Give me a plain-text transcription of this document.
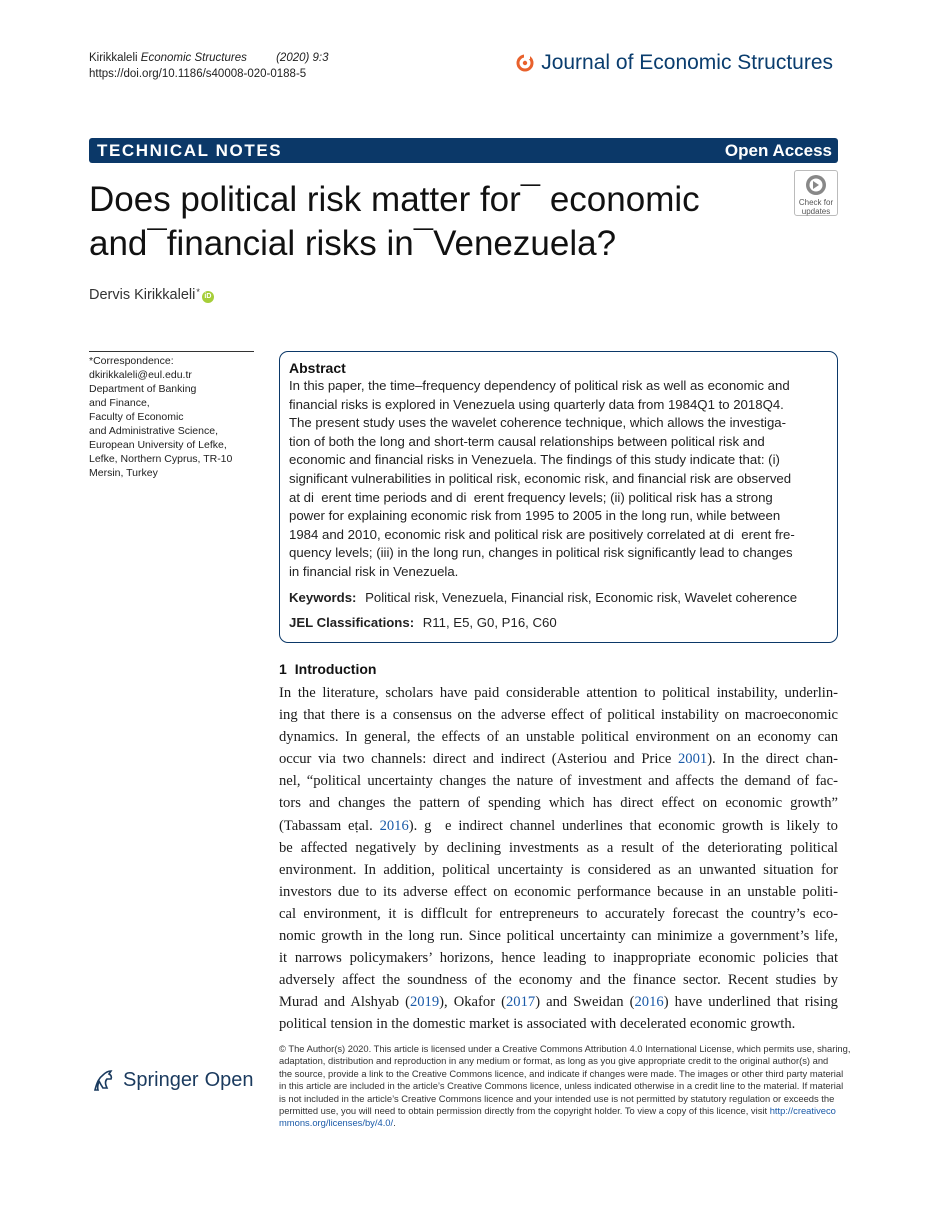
Kirikkaleli Economic Structures	(2020) 9:3
https://doi.org/10.1186/s40008-020-0188-5	Journal of Economic Structures
TECHNICAL NOTES	Open Access
Does political risk matter for¯ economic
and¯ﬁnancial risks in¯Venezuela?
Check for
updates
Dervis Kirikkaleli* iD
*Correspondence:
dkirikkaleli@eul.edu.tr
Department of Banking
and Finance,
Faculty of Economic
and Administrative Science,
European University of Lefke,
Lefke, Northern Cyprus, TR-10
Mersin, Turkey
Abstract
In this paper, the time–frequency dependency of political risk as well as economic and
financial risks is explored in Venezuela using quarterly data from 1984Q1 to 2018Q4.
The present study uses the wavelet coherence technique, which allows the investiga-
tion of both the long and short-term causal relationships between political risk and
economic and financial risks in Venezuela. The findings of this study indicate that: (i)
significant vulnerabilities in political risk, economic risk, and financial risk are observed
at di  erent time periods and di  erent frequency levels; (ii) political risk has a strong
power for explaining economic risk from 1995 to 2005 in the long run, while between
1984 and 2010, economic risk and political risk are positively correlated at di  erent fre-
quency levels; (iii) in the long run, changes in political risk significantly lead to changes
in financial risk in Venezuela.
Keywords: Political risk, Venezuela, Financial risk, Economic risk, Wavelet coherence
JEL Classiﬁcations: R11, E5, G0, P16, C60
1 Introduction
In the literature, scholars have paid considerable attention to political instability, underlin-
ing that there is a consensus on the adverse effect of political instability on macroeconomic
dynamics. In general, the effects of an unstable political environment on an economy can
occur via two channels: direct and indirect (Asteriou and Price 2001). In the direct chan-
nel, “political uncertainty changes the nature of investment and affects the demand of fac-
tors and changes the pattern of spending which has direct effect on economic growth”
(Tabassam eṭal. 2016). g  e indirect channel underlines that economic growth is likely to
be affected negatively by declining investments as a result of the deteriorating political
environment. In addition, political uncertainty is considered as an unwanted situation for
investors due to its adverse effect on economic performance because in an unstable politi-
cal environment, it is difflcult for entrepreneurs to accurately forecast the country’s eco-
nomic growth in the long run. Since political uncertainty can minimize a government’s life,
it narrows policymakers’ horizons, hence leading to inappropriate economic policies that
adversely affect the soundness of the economy and the finance sector. Recent studies by
Murad and Alshyab (2019), Okafor (2017) and Sweidan (2016) have underlined that rising
political tension in the domestic market is associated with decelerated economic growth.
Springer Open
© The Author(s) 2020. This article is licensed under a Creative Commons Attribution 4.0 International License, which permits use, sharing,
adaptation, distribution and reproduction in any medium or format, as long as you give appropriate credit to the original author(s) and
the source, provide a link to the Creative Commons licence, and indicate if changes were made. The images or other third party material
in this article are included in the article’s Creative Commons licence, unless indicated otherwise in a credit line to the material. If material
is not included in the article’s Creative Commons licence and your intended use is not permitted by statutory regulation or exceeds the
permitted use, you will need to obtain permission directly from the copyright holder. To view a copy of this licence, visit http://creativeco
mmons.org/licenses/by/4.0/.
